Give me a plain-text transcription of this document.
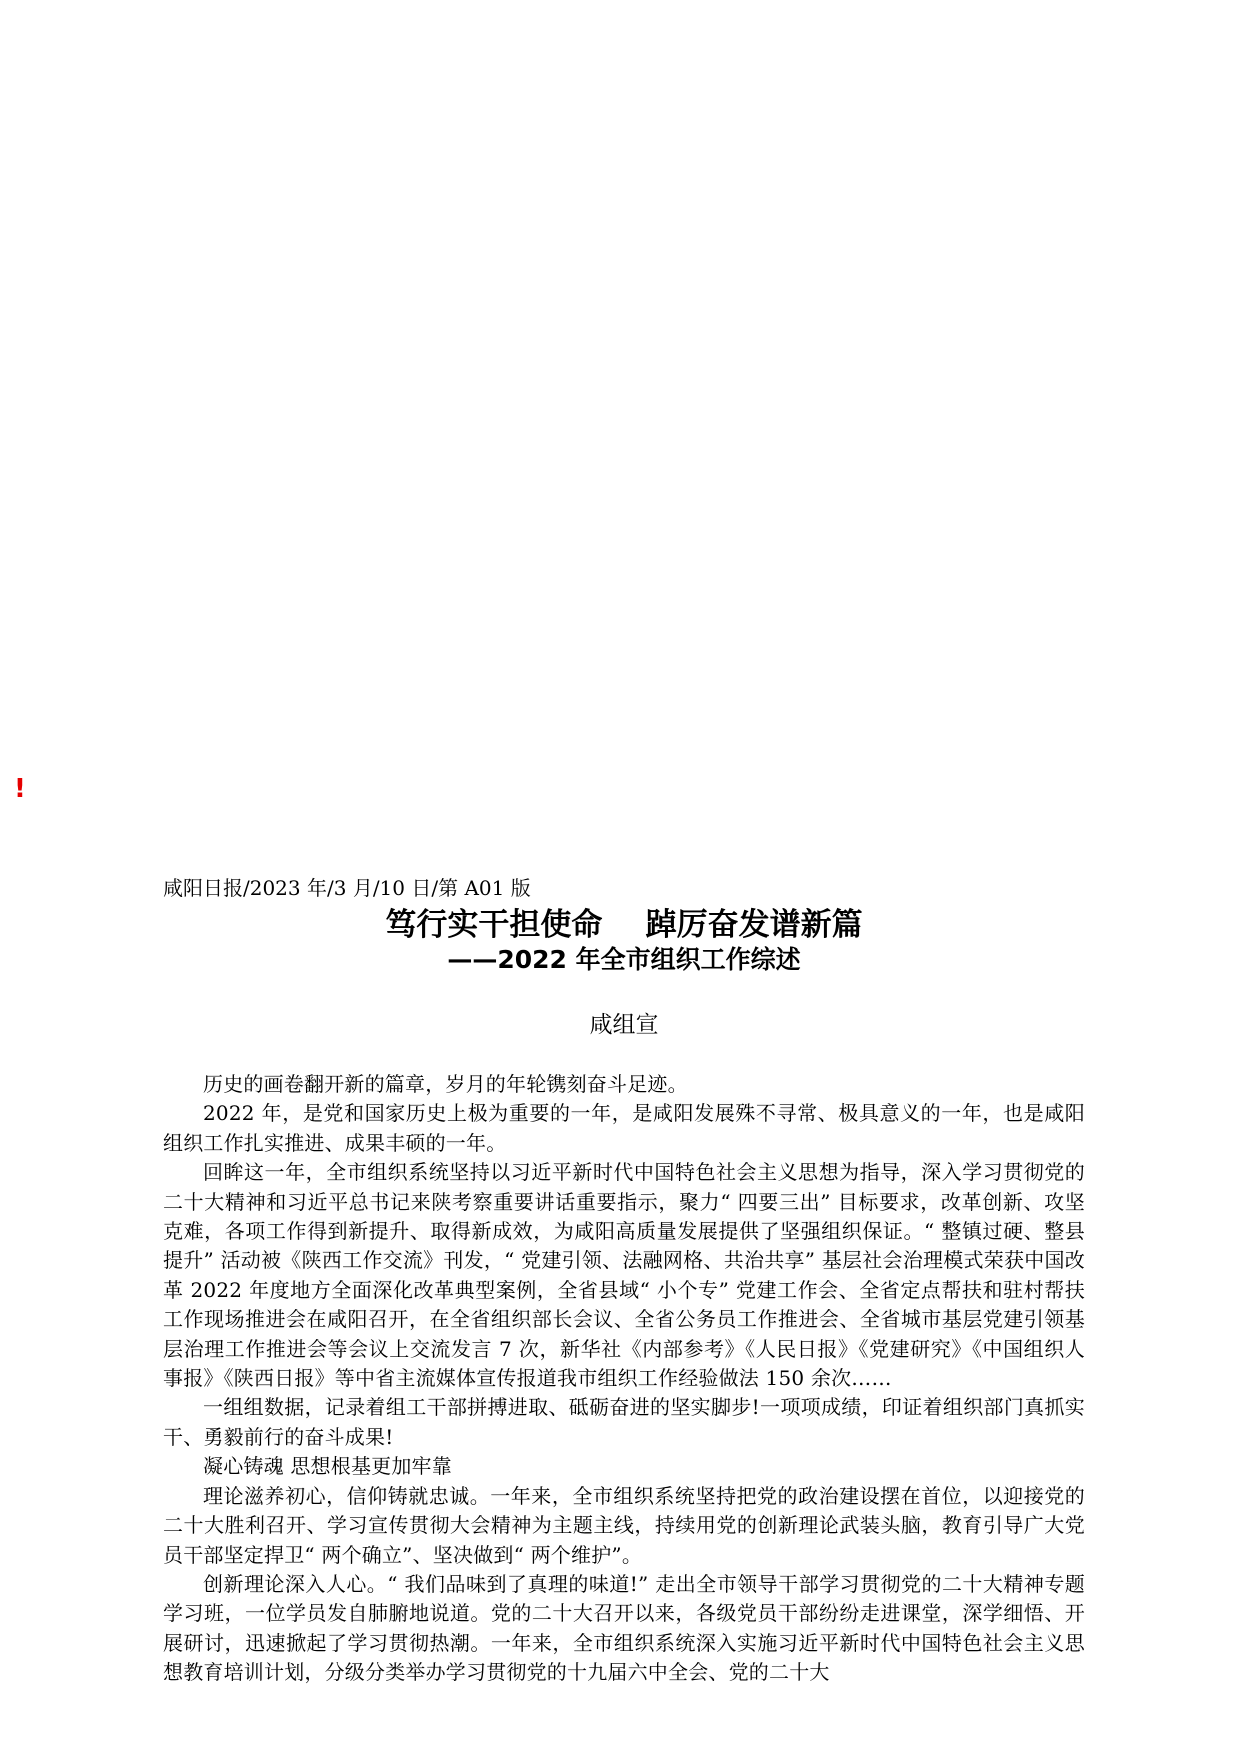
!
咸阳日报/2023 年/3 月/10 日/第 A01 版
笃行实干担使命    踔厉奋发谱新篇
——2022 年全市组织工作综述
咸组宣

历史的画卷翻开新的篇章，岁月的年轮镌刻奋斗足迹。

2022 年，是党和国家历史上极为重要的一年，是咸阳发展殊不寻常、极具意义的一年，也是咸阳组织工作扎实推进、成果丰硕的一年。

回眸这一年，全市组织系统坚持以习近平新时代中国特色社会主义思想为指导，深入学习贯彻党的二十大精神和习近平总书记来陕考察重要讲话重要指示，聚力“ 四要三出” 目标要求，改革创新、攻坚克难，各项工作得到新提升、取得新成效，为咸阳高质量发展提供了坚强组织保证。“ 整镇过硬、整县提升” 活动被《陕西工作交流》刊发，“ 党建引领、法融网格、共治共享” 基层社会治理模式荣获中国改革 2022 年度地方全面深化改革典型案例，全省县域“ 小个专” 党建工作会、全省定点帮扶和驻村帮扶工作现场推进会在咸阳召开，在全省组织部长会议、全省公务员工作推进会、全省城市基层党建引领基层治理工作推进会等会议上交流发言 7 次，新华社《内部参考》《人民日报》《党建研究》《中国组织人事报》《陕西日报》等中省主流媒体宣传报道我市组织工作经验做法 150 余次……

一组组数据，记录着组工干部拼搏进取、砥砺奋进的坚实脚步!一项项成绩，印证着组织部门真抓实干、勇毅前行的奋斗成果!

凝心铸魂 思想根基更加牢靠

理论滋养初心，信仰铸就忠诚。一年来，全市组织系统坚持把党的政治建设摆在首位，以迎接党的二十大胜利召开、学习宣传贯彻大会精神为主题主线，持续用党的创新理论武装头脑，教育引导广大党员干部坚定捍卫“ 两个确立”、坚决做到“ 两个维护”。

创新理论深入人心。“ 我们品味到了真理的味道!” 走出全市领导干部学习贯彻党的二十大精神专题学习班，一位学员发自肺腑地说道。党的二十大召开以来，各级党员干部纷纷走进课堂，深学细悟、开展研讨，迅速掀起了学习贯彻热潮。一年来，全市组织系统深入实施习近平新时代中国特色社会主义思想教育培训计划，分级分类举办学习贯彻党的十九届六中全会、党的二十大
